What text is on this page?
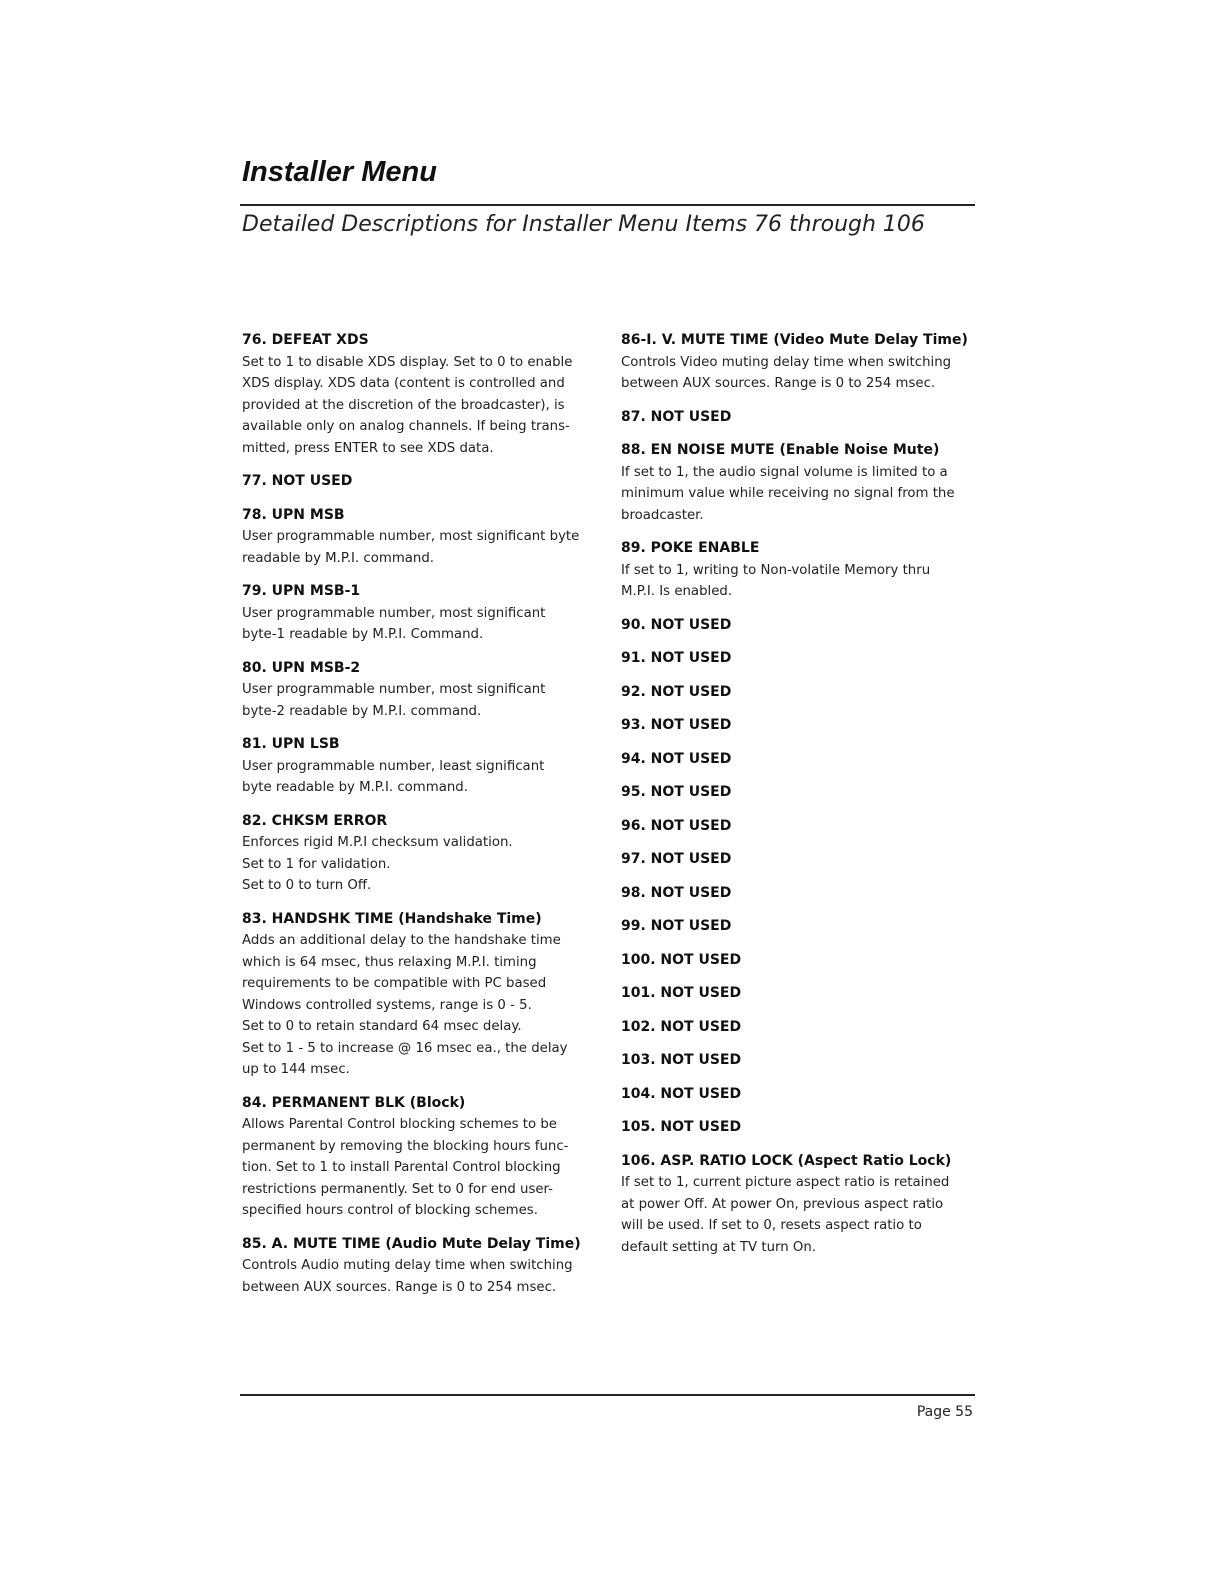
Installer Menu
Detailed Descriptions for Installer Menu Items 76 through 106
76. DEFEAT XDS
Set to 1 to disable XDS display. Set to 0 to enable
XDS display. XDS data (content is controlled and
provided at the discretion of the broadcaster), is
available only on analog channels. If being trans-
mitted, press ENTER to see XDS data.
77. NOT USED
78. UPN MSB
User programmable number, most significant byte
readable by M.P.I. command.
79. UPN MSB-1
User programmable number, most significant
byte-1 readable by M.P.I. Command.
80. UPN MSB-2
User programmable number, most significant
byte-2 readable by M.P.I. command.
81. UPN LSB
User programmable number, least significant
byte readable by M.P.I. command.
82. CHKSM ERROR
Enforces rigid M.P.I checksum validation.
Set to 1 for validation.
Set to 0 to turn Off.
83. HANDSHK TIME (Handshake Time)
Adds an additional delay to the handshake time
which is 64 msec, thus relaxing M.P.I. timing
requirements to be compatible with PC based
Windows controlled systems, range is 0 - 5.
Set to 0 to retain standard 64 msec delay.
Set to 1 - 5 to increase @ 16 msec ea., the delay
up to 144 msec.
84. PERMANENT BLK (Block)
Allows Parental Control blocking schemes to be
permanent by removing the blocking hours func-
tion. Set to 1 to install Parental Control blocking
restrictions permanently. Set to 0 for end user-
specified hours control of blocking schemes.
85. A. MUTE TIME (Audio Mute Delay Time)
Controls Audio muting delay time when switching
between AUX sources. Range is 0 to 254 msec.
86-I. V. MUTE TIME (Video Mute Delay Time)
Controls Video muting delay time when switching
between AUX sources. Range is 0 to 254 msec.
87. NOT USED
88. EN NOISE MUTE (Enable Noise Mute)
If set to 1, the audio signal volume is limited to a
minimum value while receiving no signal from the
broadcaster.
89. POKE ENABLE
If set to 1, writing to Non-volatile Memory thru
M.P.I. Is enabled.
90. NOT USED
91. NOT USED
92. NOT USED
93. NOT USED
94. NOT USED
95. NOT USED
96. NOT USED
97. NOT USED
98. NOT USED
99. NOT USED
100. NOT USED
101. NOT USED
102. NOT USED
103. NOT USED
104. NOT USED
105. NOT USED
106. ASP. RATIO LOCK (Aspect Ratio Lock)
If set to 1, current picture aspect ratio is retained
at power Off. At power On, previous aspect ratio
will be used. If set to 0, resets aspect ratio to
default setting at TV turn On.
Page 55
